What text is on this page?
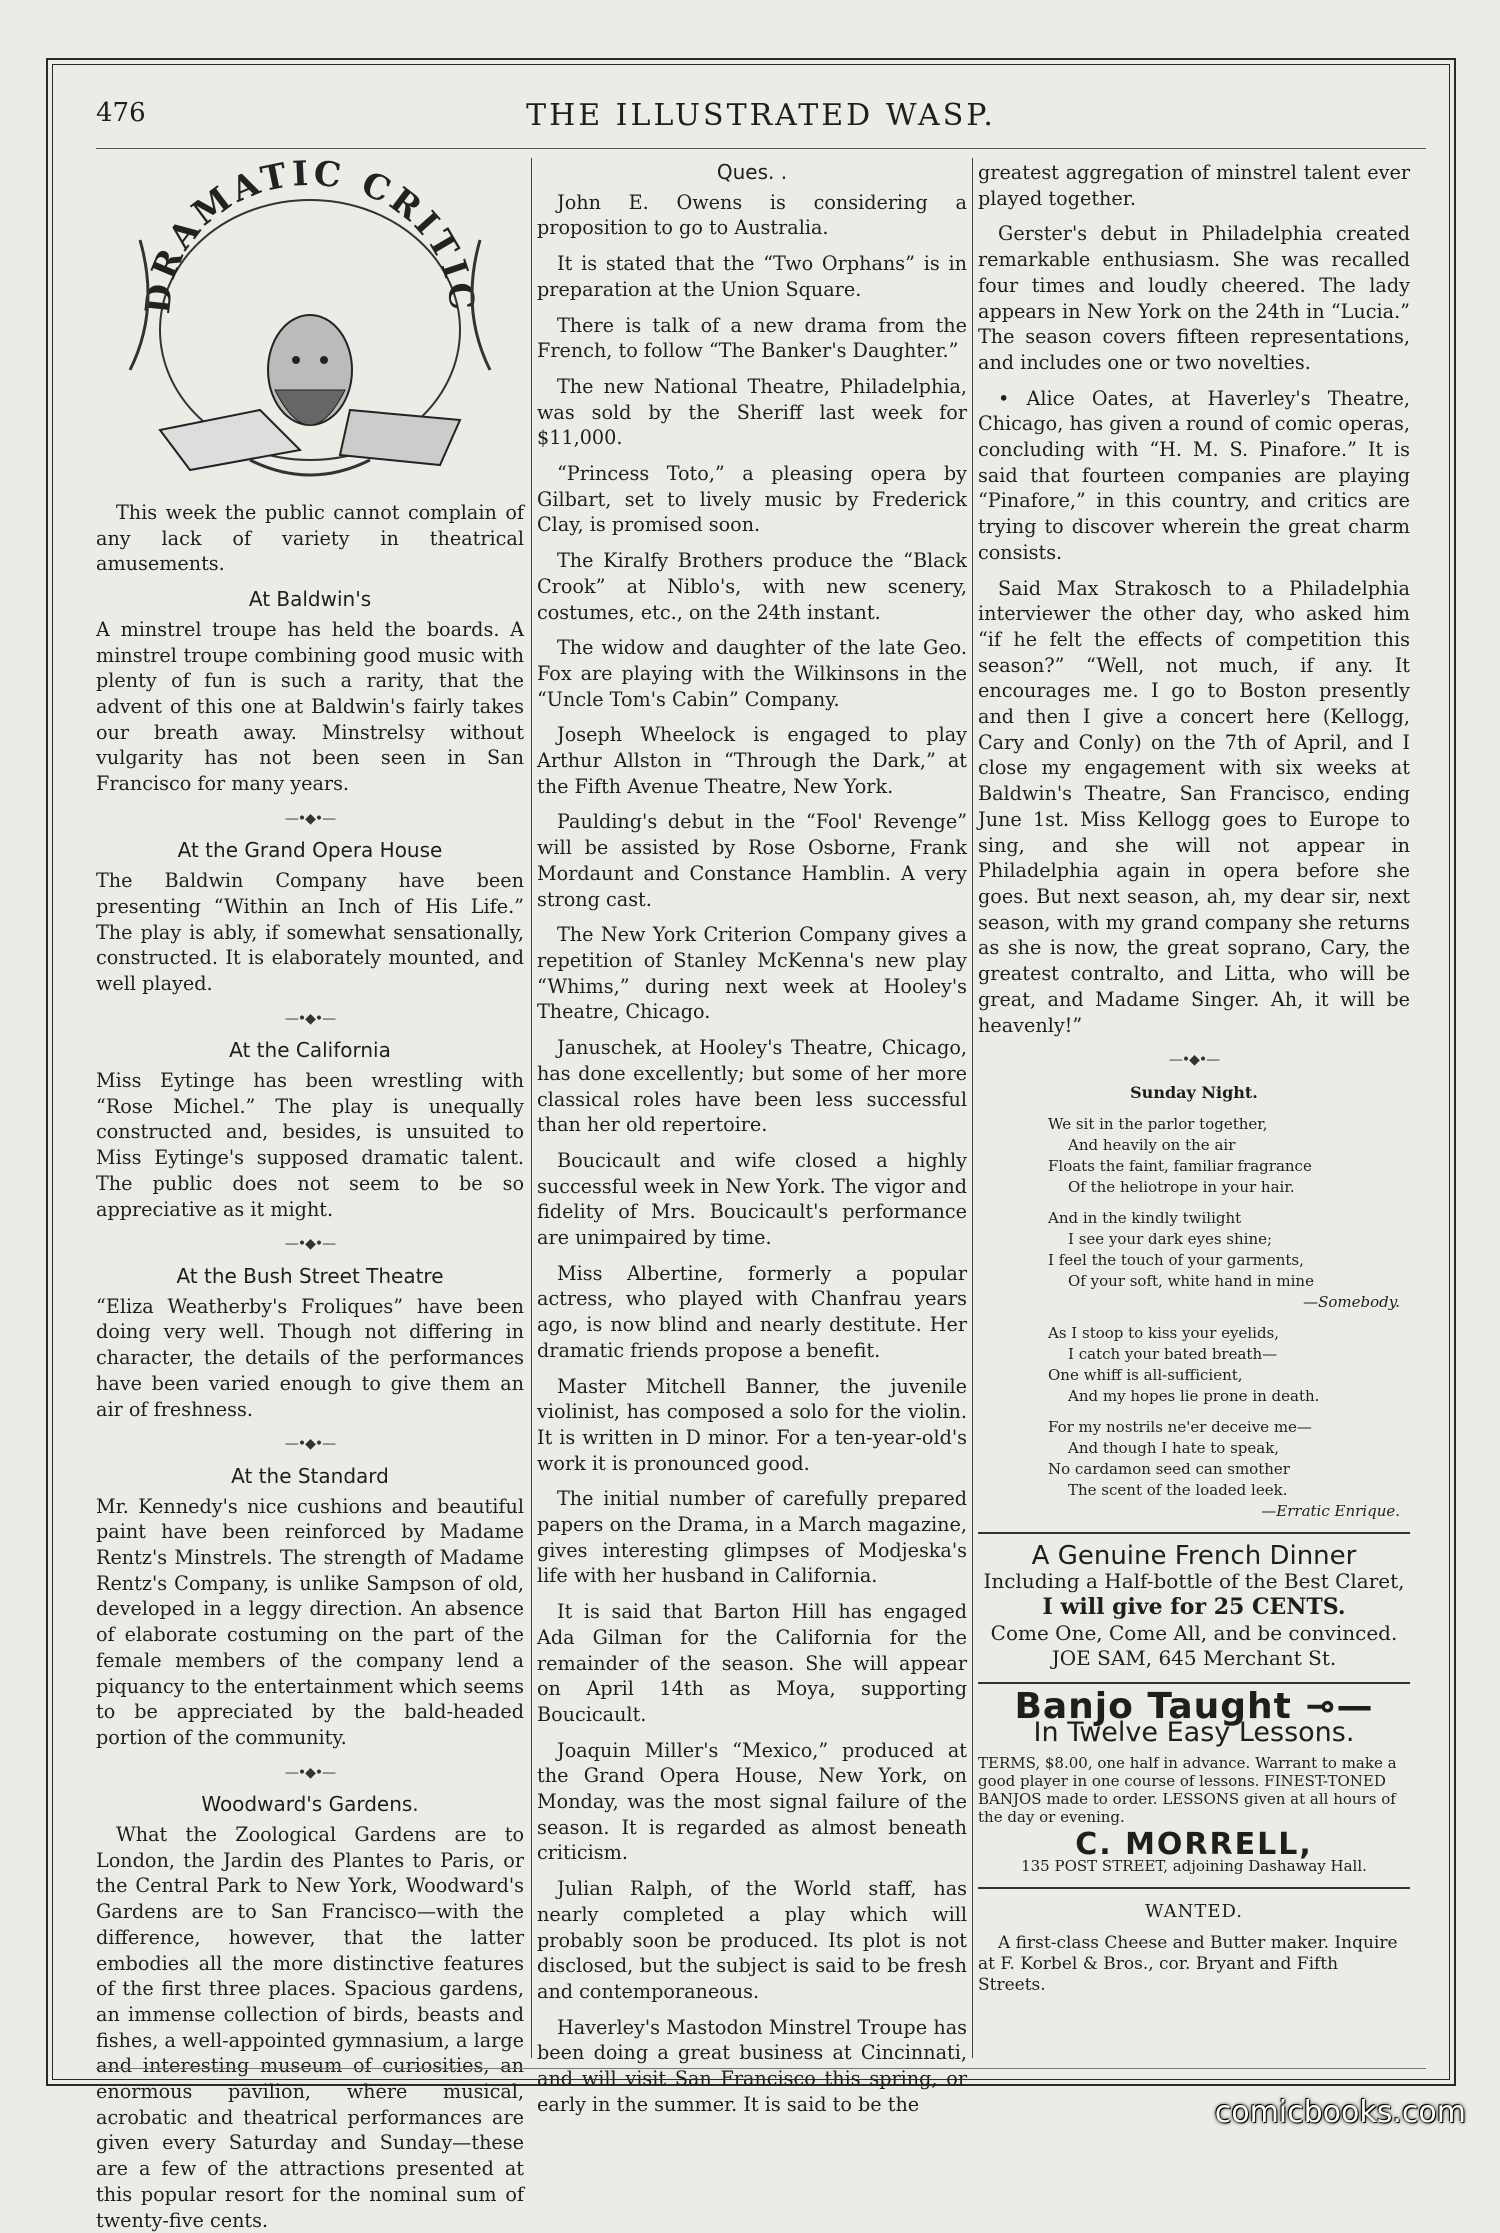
476	THE ILLUSTRATED WASP.
DRAMATIC CRITIC

This week the public cannot complain of any lack of variety in theatrical amusements.

At Baldwin's

A minstrel troupe has held the boards. A minstrel troupe combining good music with plenty of fun is such a rarity, that the advent of this one at Baldwin's fairly takes our breath away. Minstrelsy without vulgarity has not been seen in San Francisco for many years.

—•◆•—
At the Grand Opera House

The Baldwin Company have been presenting “Within an Inch of His Life.” The play is ably, if somewhat sensationally, constructed. It is elaborately mounted, and well played.

—•◆•—
At the California

Miss Eytinge has been wrestling with “Rose Michel.” The play is unequally constructed and, besides, is unsuited to Miss Eytinge's supposed dramatic talent. The public does not seem to be so appreciative as it might.

—•◆•—
At the Bush Street Theatre

“Eliza Weatherby's Froliques” have been doing very well. Though not differing in character, the details of the performances have been varied enough to give them an air of freshness.

—•◆•—
At the Standard

Mr. Kennedy's nice cushions and beautiful paint have been reinforced by Madame Rentz's Minstrels. The strength of Madame Rentz's Company, is unlike Sampson of old, developed in a leggy direction. An absence of elaborate costuming on the part of the female members of the company lend a piquancy to the entertainment which seems to be appreciated by the bald-headed portion of the community.

—•◆•—
Woodward's Gardens.

What the Zoological Gardens are to London, the Jardin des Plantes to Paris, or the Central Park to New York, Woodward's Gardens are to San Francisco—with the difference, however, that the latter embodies all the more distinctive features of the first three places. Spacious gardens, an immense collection of birds, beasts and fishes, a well-appointed gymnasium, a large and interesting museum of curiosities, an enormous pavilion, where musical, acrobatic and theatrical performances are given every Saturday and Sunday—these are a few of the attractions presented at this popular resort for the nominal sum of twenty-five cents.

Ques. .

John E. Owens is considering a proposition to go to Australia.

It is stated that the “Two Orphans” is in preparation at the Union Square.

There is talk of a new drama from the French, to follow “The Banker's Daughter.”

The new National Theatre, Philadelphia, was sold by the Sheriff last week for $11,000.

“Princess Toto,” a pleasing opera by Gilbart, set to lively music by Frederick Clay, is promised soon.

The Kiralfy Brothers produce the “Black Crook” at Niblo's, with new scenery, costumes, etc., on the 24th instant.

The widow and daughter of the late Geo. Fox are playing with the Wilkinsons in the “Uncle Tom's Cabin” Company.

Joseph Wheelock is engaged to play Arthur Allston in “Through the Dark,” at the Fifth Avenue Theatre, New York.

Paulding's debut in the “Fool' Revenge” will be assisted by Rose Osborne, Frank Mordaunt and Constance Hamblin. A very strong cast.

The New York Criterion Company gives a repetition of Stanley McKenna's new play “Whims,” during next week at Hooley's Theatre, Chicago.

Januschek, at Hooley's Theatre, Chicago, has done excellently; but some of her more classical roles have been less successful than her old repertoire.

Boucicault and wife closed a highly successful week in New York. The vigor and fidelity of Mrs. Boucicault's performance are unimpaired by time.

Miss Albertine, formerly a popular actress, who played with Chanfrau years ago, is now blind and nearly destitute. Her dramatic friends propose a benefit.

Master Mitchell Banner, the juvenile violinist, has composed a solo for the violin. It is written in D minor. For a ten-year-old's work it is pronounced good.

The initial number of carefully prepared papers on the Drama, in a March magazine, gives interesting glimpses of Modjeska's life with her husband in California.

It is said that Barton Hill has engaged Ada Gilman for the California for the remainder of the season. She will appear on April 14th as Moya, supporting Boucicault.

Joaquin Miller's “Mexico,” produced at the Grand Opera House, New York, on Monday, was the most signal failure of the season. It is regarded as almost beneath criticism.

Julian Ralph, of the World staff, has nearly completed a play which will probably soon be produced. Its plot is not disclosed, but the subject is said to be fresh and contemporaneous.

Haverley's Mastodon Minstrel Troupe has been doing a great business at Cincinnati, and will visit San Francisco this spring, or early in the summer. It is said to be the

greatest aggregation of minstrel talent ever played together.

Gerster's debut in Philadelphia created remarkable enthusiasm. She was recalled four times and loudly cheered. The lady appears in New York on the 24th in “Lucia.” The season covers fifteen representations, and includes one or two novelties.

• Alice Oates, at Haverley's Theatre, Chicago, has given a round of comic operas, concluding with “H. M. S. Pinafore.” It is said that fourteen companies are playing “Pinafore,” in this country, and critics are trying to discover wherein the great charm consists.

Said Max Strakosch to a Philadelphia interviewer the other day, who asked him “if he felt the effects of competition this season?” “Well, not much, if any. It encourages me. I go to Boston presently and then I give a concert here (Kellogg, Cary and Conly) on the 7th of April, and I close my engagement with six weeks at Baldwin's Theatre, San Francisco, ending June 1st. Miss Kellogg goes to Europe to sing, and she will not appear in Philadelphia again in opera before she goes. But next season, ah, my dear sir, next season, with my grand company she returns as she is now, the great soprano, Cary, the greatest contralto, and Litta, who will be great, and Madame Singer. Ah, it will be heavenly!”

—•◆•—
Sunday Night.
We sit in the parlor together,
And heavily on the air
Floats the faint, familiar fragrance
Of the heliotrope in your hair.
And in the kindly twilight
I see your dark eyes shine;
I feel the touch of your garments,
Of your soft, white hand in mine
—Somebody.
As I stoop to kiss your eyelids,
I catch your bated breath—
One whiff is all-sufficient,
And my hopes lie prone in death.
For my nostrils ne'er deceive me—
And though I hate to speak,
No cardamon seed can smother
The scent of the loaded leek.
—Erratic Enrique.
A Genuine French Dinner
Including a Half-bottle of the Best Claret,
I will give for 25 CENTS.
Come One, Come All, and be convinced.
JOE SAM, 645 Merchant St.
Banjo Taught ⊸—
In Twelve Easy Lessons.
TERMS, $8.00, one half in advance. Warrant to make a good player in one course of lessons. FINEST-TONED BANJOS made to order. LESSONS given at all hours of the day or evening.
C. MORRELL,
135 POST STREET, adjoining Dashaway Hall.
WANTED.

A first-class Cheese and Butter maker. Inquire at F. Korbel & Bros., cor. Bryant and Fifth Streets.

comicbooks.com
